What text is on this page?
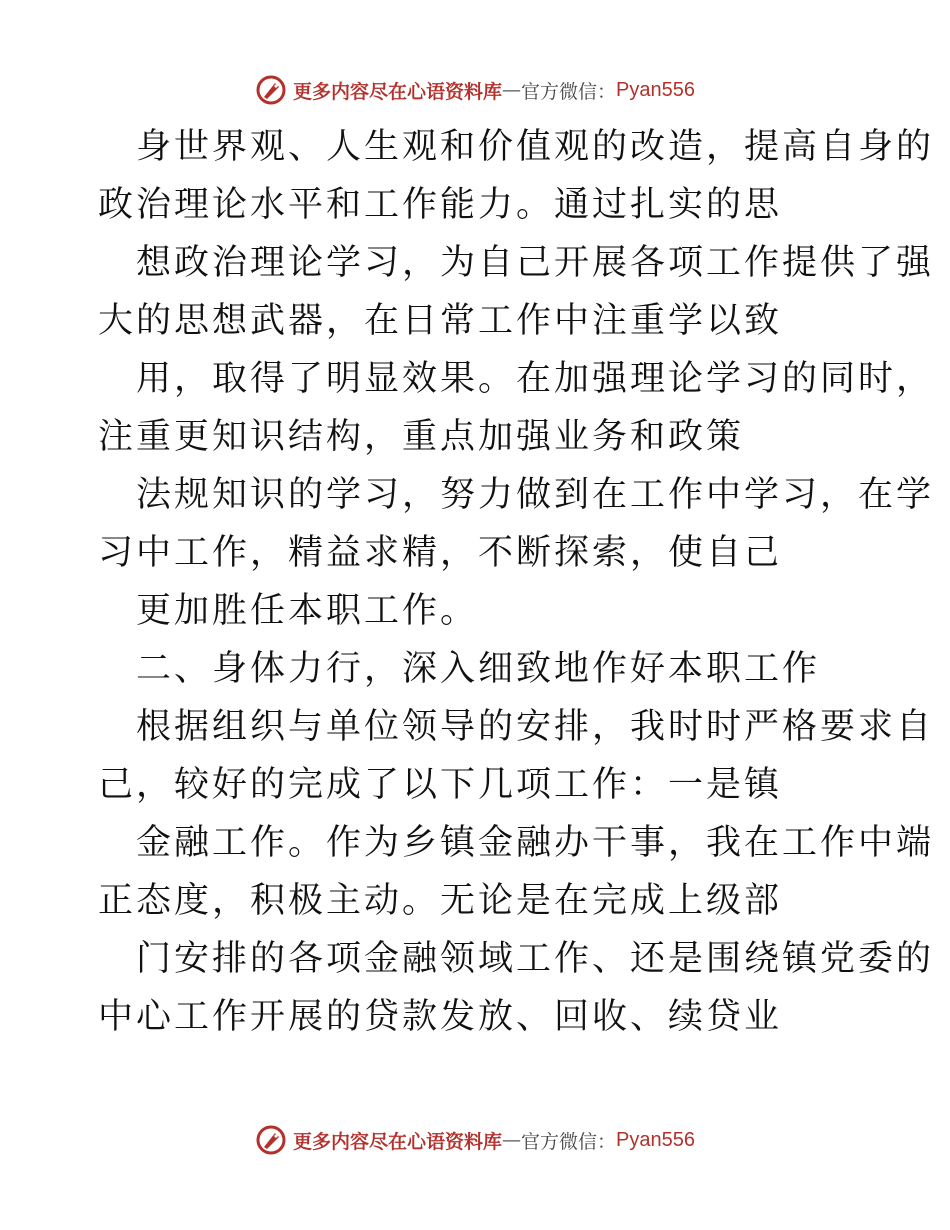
更多内容尽在心语资料库 — 官方微信： Pyan556
身世界观、人生观和价值观的改造，提高自身的
政治理论水平和工作能力。通过扎实的思
想政治理论学习，为自己开展各项工作提供了强
大的思想武器，在日常工作中注重学以致
用，取得了明显效果。在加强理论学习的同时，
注重更知识结构，重点加强业务和政策
法规知识的学习，努力做到在工作中学习，在学
习中工作，精益求精，不断探索，使自己
更加胜任本职工作。
二、身体力行，深入细致地作好本职工作
根据组织与单位领导的安排，我时时严格要求自
己，较好的完成了以下几项工作：一是镇
金融工作。作为乡镇金融办干事，我在工作中端
正态度，积极主动。无论是在完成上级部
门安排的各项金融领域工作、还是围绕镇党委的
中心工作开展的贷款发放、回收、续贷业
更多内容尽在心语资料库 — 官方微信： Pyan556
